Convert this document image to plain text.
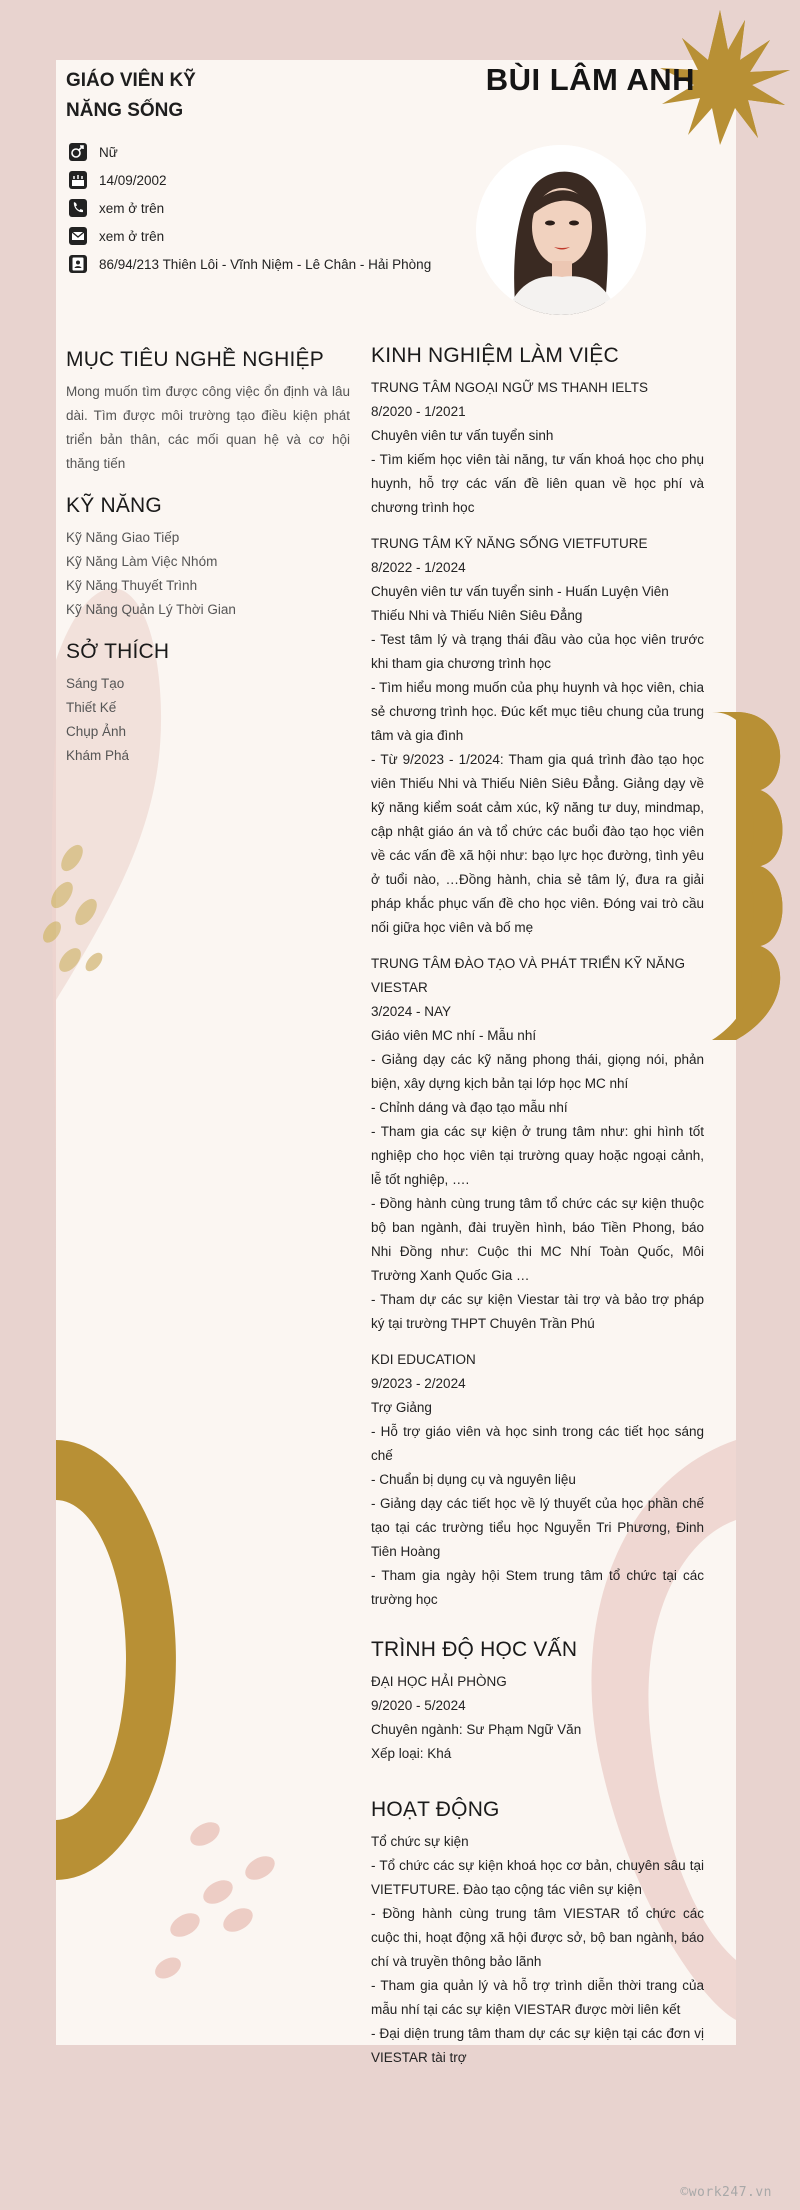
GIÁO VIÊN KỸ
NĂNG SỐNG
BÙI LÂM ANH
Nữ
14/09/2002
xem ở trên
xem ở trên
86/94/213 Thiên Lôi - Vĩnh Niệm - Lê Chân - Hải Phòng
MỤC TIÊU NGHỀ NGHIỆP

Mong muốn tìm được công việc ổn định và lâu dài. Tìm được môi trường tạo điều kiện phát triển bản thân, các mối quan hệ và cơ hội thăng tiến

KỸ NĂNG
Kỹ Năng Giao Tiếp
Kỹ Năng Làm Việc Nhóm
Kỹ Năng Thuyết Trình
Kỹ Năng Quản Lý Thời Gian
SỞ THÍCH
Sáng Tạo
Thiết Kế
Chụp Ảnh
Khám Phá
KINH NGHIỆM LÀM VIỆC
TRUNG TÂM NGOẠI NGỮ MS THANH IELTS
8/2020 - 1/2021
Chuyên viên tư vấn tuyển sinh
- Tìm kiếm học viên tài năng, tư vấn khoá học cho phụ huynh, hỗ trợ các vấn đề liên quan về học phí và chương trình học
TRUNG TÂM KỸ NĂNG SỐNG VIETFUTURE
8/2022 - 1/2024
Chuyên viên tư vấn tuyển sinh - Huấn Luyện Viên Thiếu Nhi và Thiếu Niên Siêu Đẳng
- Test tâm lý và trạng thái đầu vào của học viên trước khi tham gia chương trình học
- Tìm hiểu mong muốn của phụ huynh và học viên, chia sẻ chương trình học. Đúc kết mục tiêu chung của trung tâm và gia đình
- Từ 9/2023 - 1/2024: Tham gia quá trình đào tạo học viên Thiếu Nhi và Thiếu Niên Siêu Đẳng. Giảng dạy về kỹ năng kiểm soát cảm xúc, kỹ năng tư duy, mindmap, cập nhật giáo án và tổ chức các buổi đào tạo học viên về các vấn đề xã hội như: bạo lực học đường, tình yêu ở tuổi nào, …Đồng hành, chia sẻ tâm lý, đưa ra giải pháp khắc phục vấn đề cho học viên. Đóng vai trò cầu nối giữa học viên và bố mẹ
TRUNG TÂM ĐÀO TẠO VÀ PHÁT TRIỂN KỸ NĂNG VIESTAR
3/2024 - NAY
Giáo viên MC nhí - Mẫu nhí
- Giảng dạy các kỹ năng phong thái, giọng nói, phản biện, xây dựng kịch bản tại lớp học MC nhí
- Chỉnh dáng và đạo tạo mẫu nhí
- Tham gia các sự kiện ở trung tâm như: ghi hình tốt nghiệp cho học viên tại trường quay hoặc ngoại cảnh, lễ tốt nghiệp, ….
- Đồng hành cùng trung tâm tổ chức các sự kiện thuộc bộ ban ngành, đài truyền hình, báo Tiền Phong, báo Nhi Đồng như: Cuộc thi MC Nhí Toàn Quốc, Môi Trường Xanh Quốc Gia …
- Tham dự các sự kiện Viestar tài trợ và bảo trợ pháp ký tại trường THPT Chuyên Trần Phú
KDI EDUCATION
9/2023 - 2/2024
Trợ Giảng
- Hỗ trợ giáo viên và học sinh trong các tiết học sáng chế
- Chuẩn bị dụng cụ và nguyên liệu
- Giảng dạy các tiết học về lý thuyết của học phần chế tạo tại các trường tiểu học Nguyễn Tri Phương, Đinh Tiên Hoàng
- Tham gia ngày hội Stem trung tâm tổ chức tại các trường học
TRÌNH ĐỘ HỌC VẤN
ĐẠI HỌC HẢI PHÒNG
9/2020 - 5/2024
Chuyên ngành: Sư Phạm Ngữ Văn
Xếp loại: Khá
HOẠT ĐỘNG
Tổ chức sự kiện
- Tổ chức các sự kiện khoá học cơ bản, chuyên sâu tại VIETFUTURE. Đào tạo cộng tác viên sự kiện
- Đồng hành cùng trung tâm VIESTAR tổ chức các cuộc thi, hoạt động xã hội được sở, bộ ban ngành, báo chí và truyền thông bảo lãnh
- Tham gia quản lý và hỗ trợ trình diễn thời trang của mẫu nhí tại các sự kiện VIESTAR được mời liên kết
- Đại diện trung tâm tham dự các sự kiện tại các đơn vị VIESTAR tài trợ
©work247.vn
